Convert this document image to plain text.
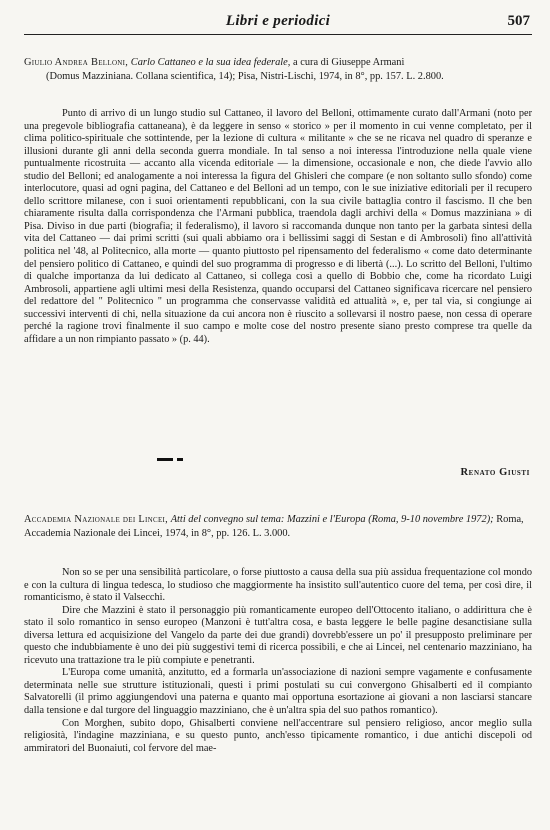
Libri e periodici	507
Giulio Andrea Belloni, Carlo Cattaneo e la sua idea federale, a cura di Giuseppe Armani
(Domus Mazziniana. Collana scientifica, 14); Pisa, Nistri-Lischi, 1974, in 8°, pp. 157. L. 2.800.

Punto di arrivo di un lungo studio sul Cattaneo, il lavoro del Belloni, ottimamente curato dall'Armani (noto per una pregevole bibliografia cattaneana), è da leggere in senso « storico » per il momento in cui venne completato, per il clima politico-spirituale che sottintende, per la lezione di cultura « militante » che se ne ricava nel quadro di speranze e illusioni durante gli anni della seconda guerra mondiale. In tal senso a noi interessa l'introduzione nella quale viene puntualmente ricostruita — accanto alla vicenda editoriale — la dimensione, occasionale e non, che diede l'avvio allo studio del Belloni; ed analogamente a noi interessa la figura del Ghisleri che compare (e non soltanto sullo sfondo) come interlocutore, quasi ad ogni pagina, del Cattaneo e del Belloni ad un tempo, con le sue iniziative editoriali per il recupero dello scrittore milanese, con i suoi orientamenti repubblicani, con la sua civile battaglia contro il fascismo. Il che ben chiaramente risulta dalla corrispondenza che l'Armani pubblica, traendola dagli archivi della « Domus mazziniana » di Pisa. Diviso in due parti (biografia; il federalismo), il lavoro si raccomanda dunque non tanto per la garbata sintesi della vita del Cattaneo — dai primi scritti (sui quali abbiamo ora i bellissimi saggi di Sestan e di Ambrosoli) fino all'attività politica nel '48, al Politecnico, alla morte — quanto piuttosto pel ripensamento del federalismo « come dato determinante del pensiero politico di Cattaneo, e quindi del suo programma di progresso e di libertà (...). Lo scritto del Belloni, l'ultimo di qualche importanza da lui dedicato al Cattaneo, si collega così a quello di Bobbio che, come ha ricordato Luigi Ambrosoli, appartiene agli ultimi mesi della Resistenza, quando occuparsi del Cattaneo significava ricercare nel pensiero del redattore del " Politecnico " un programma che conservasse validità ed attualità », e, per tal via, si congiunge ai successivi interventi di chi, nella situazione da cui ancora non è riuscito a sollevarsi il nostro paese, non cessa di operare perché la ragione trovi finalmente il suo campo e molte cose del nostro presente siano presto comprese tra quelle da affidare a un non rimpianto passato » (p. 44).

Renato Giusti
Accademia Nazionale dei Lincei, Atti del convegno sul tema: Mazzini e l'Europa (Roma, 9-10 novembre 1972); Roma, Accademia Nazionale dei Lincei, 1974, in 8°, pp. 126. L. 3.000.

Non so se per una sensibilità particolare, o forse piuttosto a causa della sua più assidua frequentazione col mondo e con la cultura di lingua tedesca, lo studioso che maggiormente ha insistito sull'autentico cuore del tema, per così dire, il romanticismo, è stato il Valsecchi.

Dire che Mazzini è stato il personaggio più romanticamente europeo dell'Ottocento italiano, o addirittura che è stato il solo romantico in senso europeo (Manzoni è tutt'altra cosa, e basta leggere le belle pagine desanctisiane sulla diversa lettura ed acquisizione del Vangelo da parte dei due grandi) dovrebb'essere un po' il presupposto preliminare per questo che indubbiamente è uno dei più suggestivi temi di ricerca possibili, e che ai Lincei, nel centenario mazziniano, ha ricevuto una trattazione tra le più compiute e penetranti.

L'Europa come umanità, anzitutto, ed a formarla un'associazione di nazioni sempre vagamente e confusamente determinata nelle sue strutture istituzionali, questi i primi postulati su cui convergono Ghisalberti ed il compianto Salvatorelli (il primo aggiungendovi una paterna e quanto mai opportuna esortazione ai giovani a non lasciarsi stancare dalla tensione e dal turgore del linguaggio mazziniano, che è un'altra spia del suo pathos romantico).

Con Morghen, subito dopo, Ghisalberti conviene nell'accentrare sul pensiero religioso, ancor meglio sulla religiosità, l'indagine mazziniana, e su questo punto, anch'esso tipicamente romantico, i due antichi discepoli od ammiratori del Buonaiuti, col fervore del mae-
